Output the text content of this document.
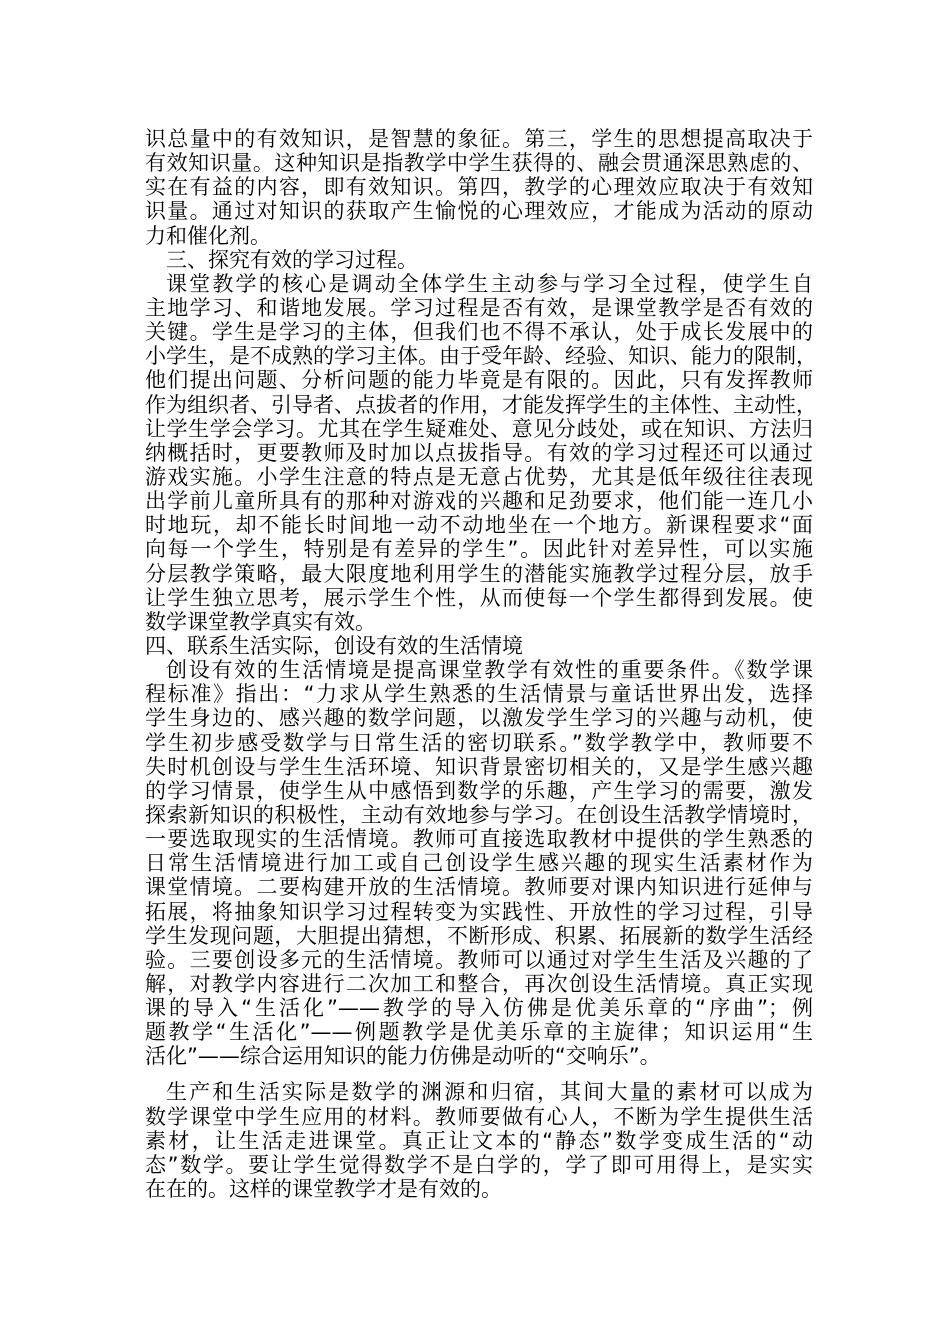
识总量中的有效知识，是智慧的象征。第三，学生的思想提高取决于
有效知识量。这种知识是指教学中学生获得的、融会贯通深思熟虑的、
实在有益的内容，即有效知识。第四，教学的心理效应取决于有效知
识量。通过对知识的获取产生愉悦的心理效应，才能成为活动的原动
力和催化剂。
三、探究有效的学习过程。
课堂教学的核心是调动全体学生主动参与学习全过程，使学生自
主地学习、和谐地发展。学习过程是否有效，是课堂教学是否有效的
关键。学生是学习的主体，但我们也不得不承认，处于成长发展中的
小学生，是不成熟的学习主体。由于受年龄、经验、知识、能力的限制，
他们提出问题、分析问题的能力毕竟是有限的。因此，只有发挥教师
作为组织者、引导者、点拔者的作用，才能发挥学生的主体性、主动性，
让学生学会学习。尤其在学生疑难处、意见分歧处，或在知识、方法归
纳概括时，更要教师及时加以点拔指导。有效的学习过程还可以通过
游戏实施。小学生注意的特点是无意占优势，尤其是低年级往往表现
出学前儿童所具有的那种对游戏的兴趣和足劲要求，他们能一连几小
时地玩，却不能长时间地一动不动地坐在一个地方。新课程要求“面
向每一个学生，特别是有差异的学生”。因此针对差异性，可以实施
分层教学策略，最大限度地利用学生的潜能实施教学过程分层，放手
让学生独立思考，展示学生个性，从而使每一个学生都得到发展。使
数学课堂教学真实有效。
四、联系生活实际，创设有效的生活情境
创设有效的生活情境是提高课堂教学有效性的重要条件。《数学课
程标准》指出：“力求从学生熟悉的生活情景与童话世界出发，选择
学生身边的、感兴趣的数学问题，以激发学生学习的兴趣与动机，使
学生初步感受数学与日常生活的密切联系。”数学教学中，教师要不
失时机创设与学生生活环境、知识背景密切相关的，又是学生感兴趣
的学习情景，使学生从中感悟到数学的乐趣，产生学习的需要，激发
探索新知识的积极性，主动有效地参与学习。在创设生活教学情境时，
一要选取现实的生活情境。教师可直接选取教材中提供的学生熟悉的
日常生活情境进行加工或自己创设学生感兴趣的现实生活素材作为
课堂情境。二要构建开放的生活情境。教师要对课内知识进行延伸与
拓展，将抽象知识学习过程转变为实践性、开放性的学习过程，引导
学生发现问题，大胆提出猜想，不断形成、积累、拓展新的数学生活经
验。三要创设多元的生活情境。教师可以通过对学生生活及兴趣的了
解，对教学内容进行二次加工和整合，再次创设生活情境。真正实现
课的导入“生活化”——教学的导入仿佛是优美乐章的“序曲”；例
题教学“生活化”——例题教学是优美乐章的主旋律；知识运用“生
活化”——综合运用知识的能力仿佛是动听的“交响乐”。
生产和生活实际是数学的渊源和归宿，其间大量的素材可以成为
数学课堂中学生应用的材料。教师要做有心人，不断为学生提供生活
素材，让生活走进课堂。真正让文本的“静态”数学变成生活的“动
态”数学。要让学生觉得数学不是白学的，学了即可用得上，是实实
在在的。这样的课堂教学才是有效的。
